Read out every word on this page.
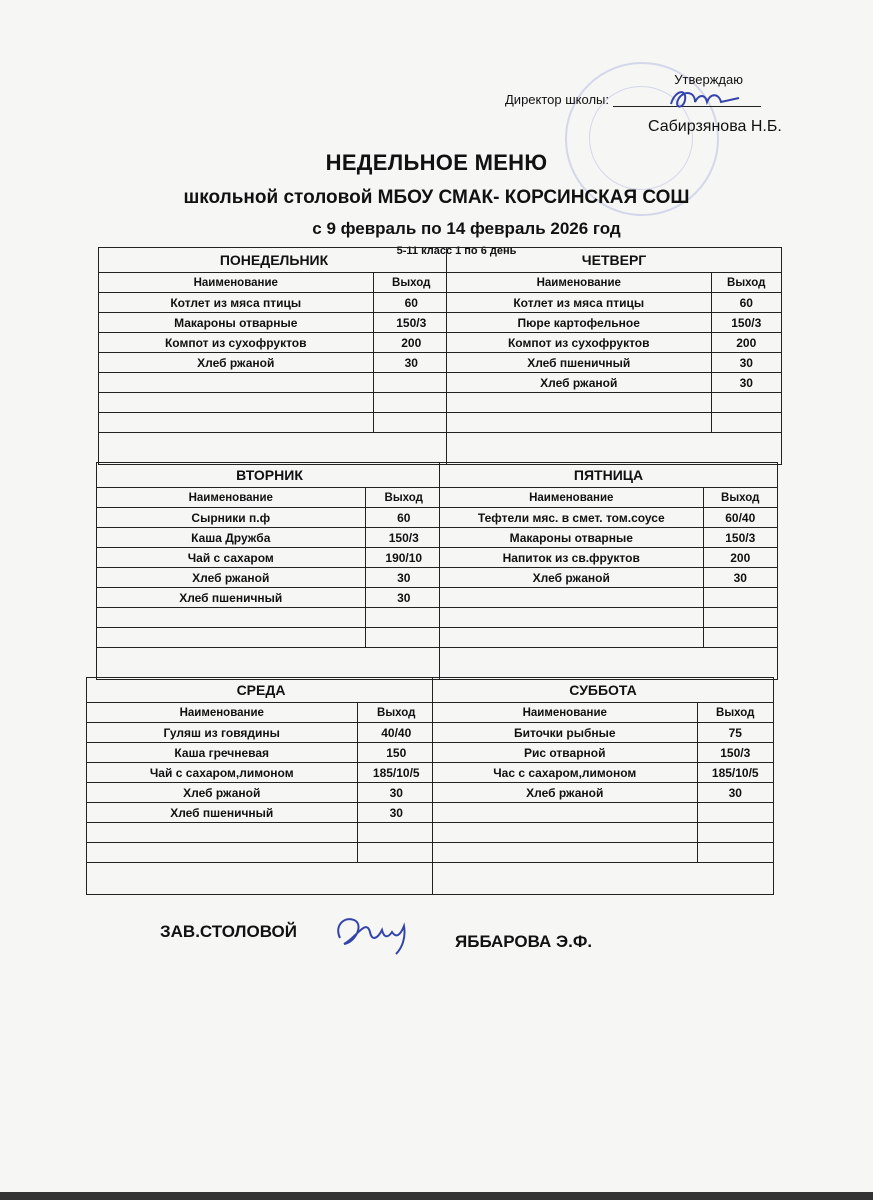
Утверждаю
Директор школы:
Сабирзянова Н.Б.
НЕДЕЛЬНОЕ МЕНЮ
школьной столовой МБОУ СМАК- КОРСИНСКАЯ СОШ
с 9 февраль по 14 февраль 2026 год
5-11 класс 1 по 6 день
ПОНЕДЕЛЬНИК	
Наименование	Выход
Котлет из мяса птицы	60
Макароны отварные	150/3
Компот из сухофруктов	200
Хлеб ржаной	30

ЧЕТВЕРГ	
Наименование	Выход
Котлет из мяса птицы	60
Пюре картофельное	150/3
Компот из сухофруктов	200
Хлеб пшеничный	30
Хлеб ржаной	30

ВТОРНИК	
Наименование	Выход
Сырники п.ф	60
Каша Дружба	150/3
Чай с сахаром	190/10
Хлеб ржаной	30
Хлеб пшеничный	30

ПЯТНИЦА	
Наименование	Выход
Тефтели мяс. в смет. том.соусе	60/40
Макароны отварные	150/3
Напиток из св.фруктов	200
Хлеб ржаной	30

СРЕДА	
Наименование	Выход
Гуляш из говядины	40/40
Каша гречневая	150
Чай с сахаром,лимоном	185/10/5
Хлеб ржаной	30
Хлеб пшеничный	30

СУББОТА	
Наименование	Выход
Биточки рыбные	75
Рис отварной	150/3
Час с сахаром,лимоном	185/10/5
Хлеб ржаной	30

ЗАВ.СТОЛОВОЙ
ЯББАРОВА Э.Ф.
